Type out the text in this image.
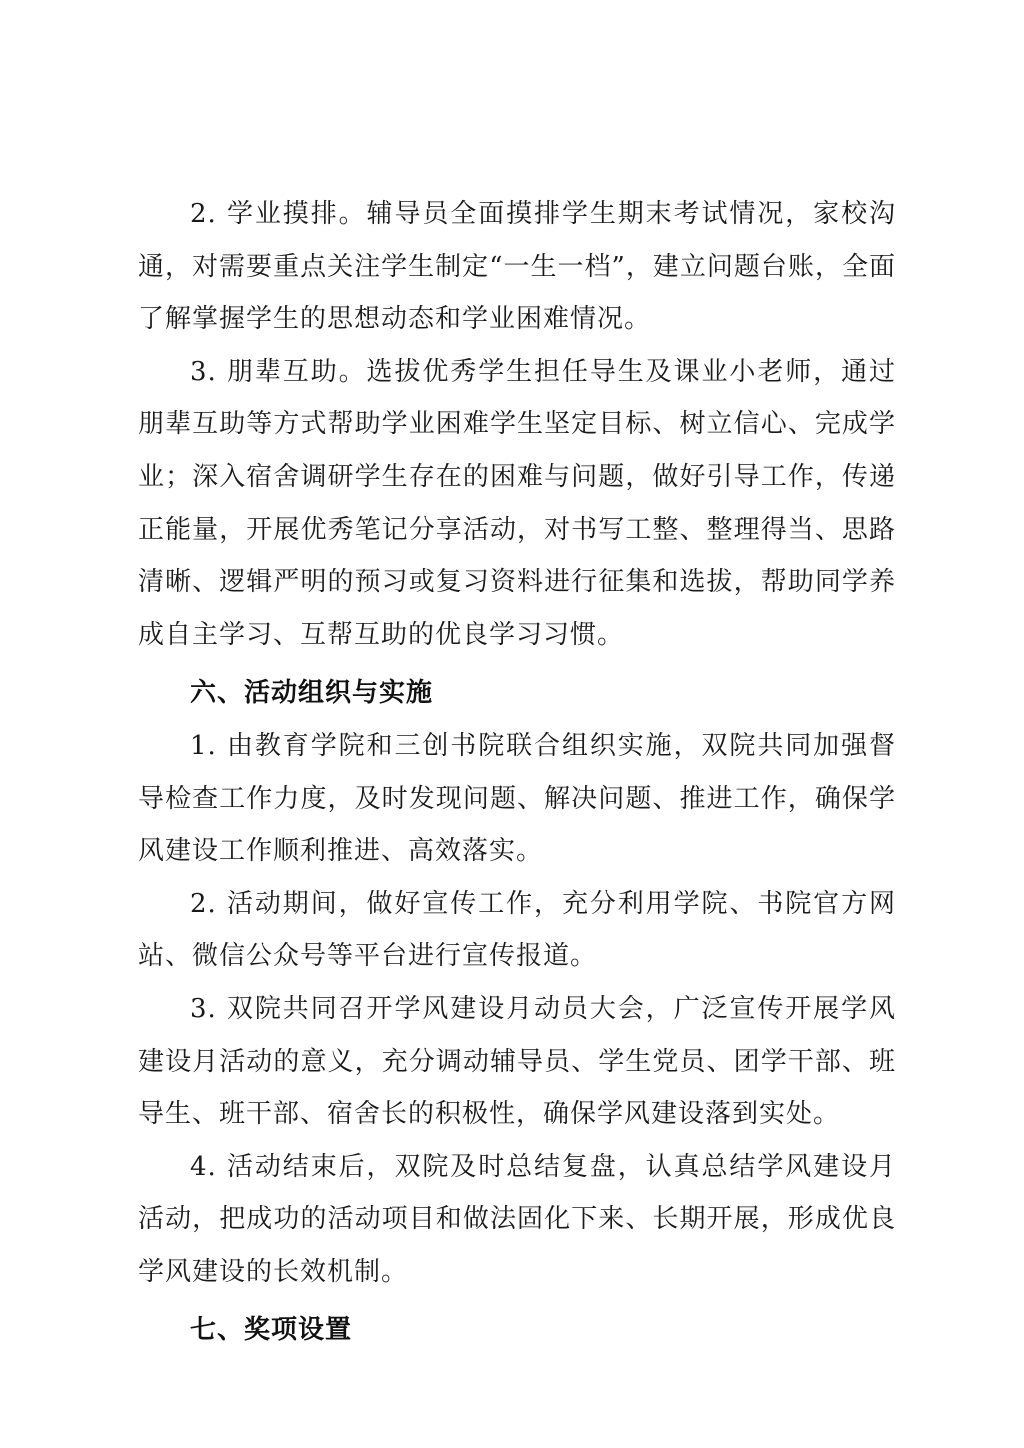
2. 学业摸排。辅导员全面摸排学生期末考试情况，家校沟通，对需要重点关注学生制定“一生一档”，建立问题台账，全面了解掌握学生的思想动态和学业困难情况。

3. 朋辈互助。选拔优秀学生担任导生及课业小老师，通过朋辈互助等方式帮助学业困难学生坚定目标、树立信心、完成学业；深入宿舍调研学生存在的困难与问题，做好引导工作，传递正能量，开展优秀笔记分享活动，对书写工整、整理得当、思路清晰、逻辑严明的预习或复习资料进行征集和选拔，帮助同学养成自主学习、互帮互助的优良学习习惯。

六、活动组织与实施

1. 由教育学院和三创书院联合组织实施，双院共同加强督导检查工作力度，及时发现问题、解决问题、推进工作，确保学风建设工作顺利推进、高效落实。

2. 活动期间，做好宣传工作，充分利用学院、书院官方网站、微信公众号等平台进行宣传报道。

3. 双院共同召开学风建设月动员大会，广泛宣传开展学风建设月活动的意义，充分调动辅导员、学生党员、团学干部、班导生、班干部、宿舍长的积极性，确保学风建设落到实处。

4. 活动结束后，双院及时总结复盘，认真总结学风建设月活动，把成功的活动项目和做法固化下来、长期开展，形成优良学风建设的长效机制。

七、奖项设置
